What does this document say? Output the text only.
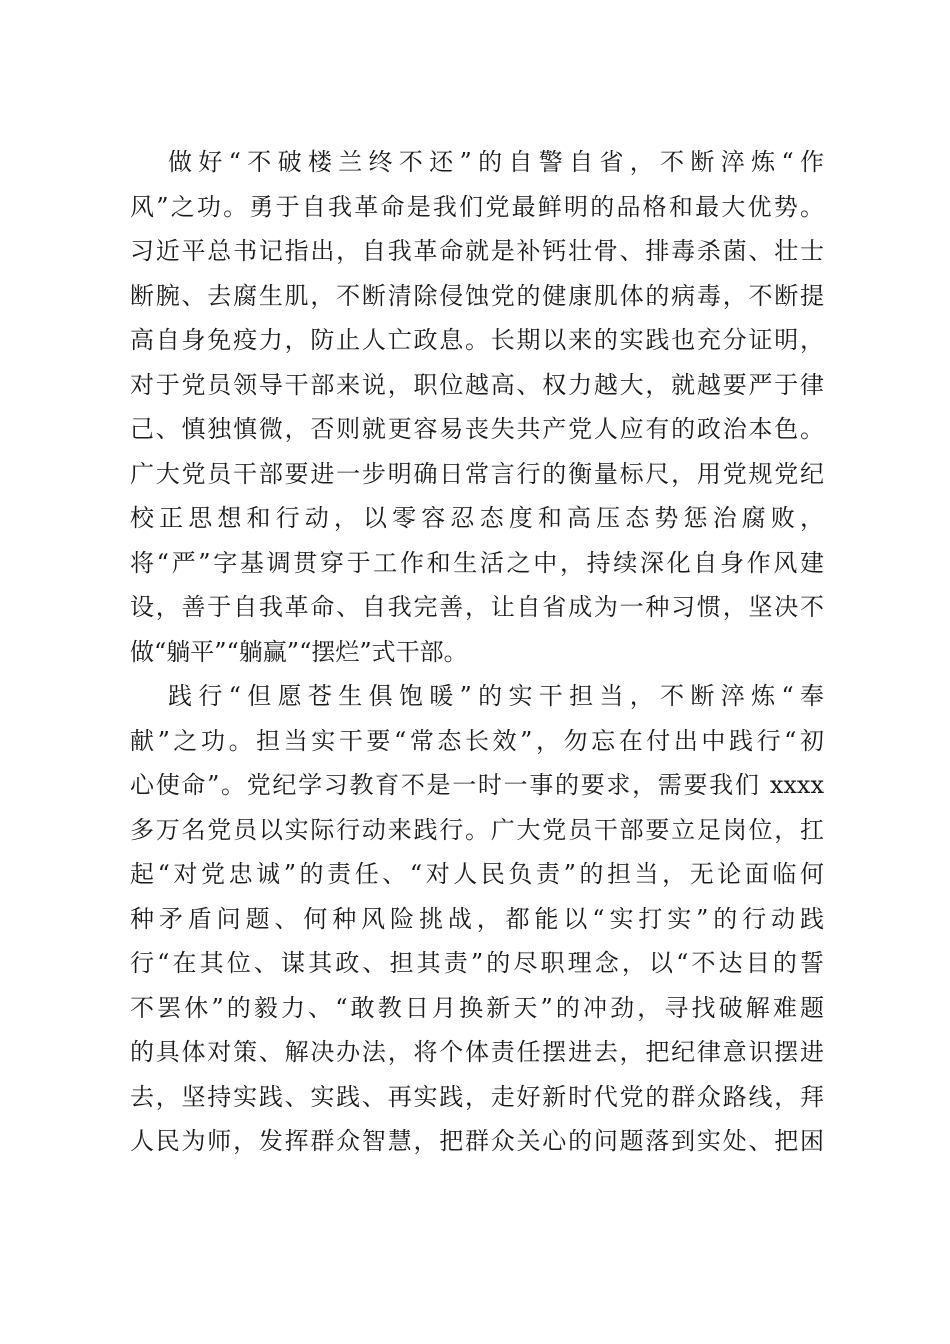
做好“不破楼兰终不还”的自警自省，不断淬炼“作
风”之功。勇于自我革命是我们党最鲜明的品格和最大优势。
习近平总书记指出，自我革命就是补钙壮骨、排毒杀菌、壮士
断腕、去腐生肌，不断清除侵蚀党的健康肌体的病毒，不断提
高自身免疫力，防止人亡政息。长期以来的实践也充分证明，
对于党员领导干部来说，职位越高、权力越大，就越要严于律
己、慎独慎微，否则就更容易丧失共产党人应有的政治本色。
广大党员干部要进一步明确日常言行的衡量标尺，用党规党纪
校正思想和行动，以零容忍态度和高压态势惩治腐败，
将“严”字基调贯穿于工作和生活之中，持续深化自身作风建
设，善于自我革命、自我完善，让自省成为一种习惯，坚决不
做“躺平”“躺赢”“摆烂”式干部。
践行“但愿苍生俱饱暖”的实干担当，不断淬炼“奉
献”之功。担当实干要“常态长效”，勿忘在付出中践行“初
心使命”。党纪学习教育不是一时一事的要求，需要我们 xxxx
多万名党员以实际行动来践行。广大党员干部要立足岗位，扛
起“对党忠诚”的责任、“对人民负责”的担当，无论面临何
种矛盾问题、何种风险挑战，都能以“实打实”的行动践
行“在其位、谋其政、担其责”的尽职理念，以“不达目的誓
不罢休”的毅力、“敢教日月换新天”的冲劲，寻找破解难题
的具体对策、解决办法，将个体责任摆进去，把纪律意识摆进
去，坚持实践、实践、再实践，走好新时代党的群众路线，拜
人民为师，发挥群众智慧，把群众关心的问题落到实处、把困
